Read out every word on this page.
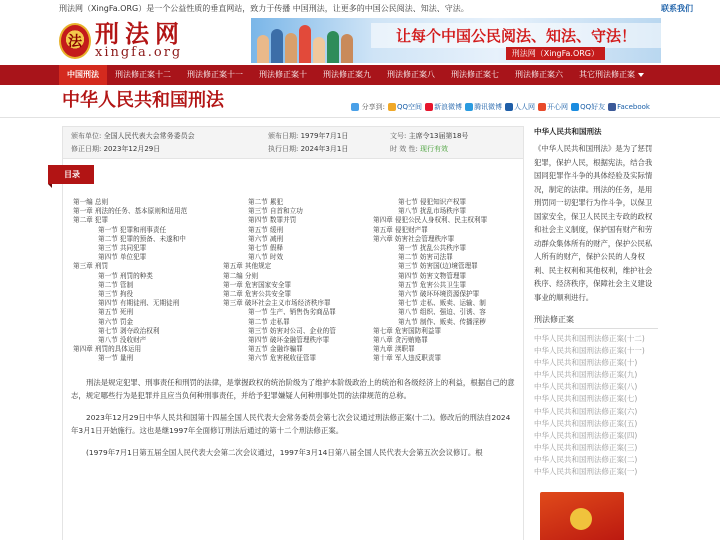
刑法网（XingFa.ORG）是一个公益性质的垂直网站，致力于传播 中国刑法，让更多的中国公民阅法、知法、守法。	联系我们
法 刑法网
xingfa.org
让每个中国公民阅法、知法、守法！
刑法网（XingFa.ORG）
中国刑法	刑法修正案十二	刑法修正案十一	刑法修正案十	刑法修正案九	刑法修正案八	刑法修正案七	刑法修正案六	其它刑法修正案
中华人民共和国刑法	分享到: QQ空间 新浪微博 腾讯微博 人人网 开心网 QQ好友 Facebook
颁布单位: 全国人民代表大会常务委员会	颁布日期: 1979年7月1日	文号: 主席令13届第18号
修正日期: 2023年12月29日	执行日期: 2024年3月1日	时 效 性: 现行有效
目录
第一编 总则
第一章 刑法的任务、基本原则和适用范
第二章 犯罪
第一节 犯罪和刑事责任
第二节 犯罪的预备、未遂和中
第三节 共同犯罪
第四节 单位犯罪
第三章 刑罚
第一节 刑罚的种类
第二节 管制
第三节 拘役
第四节 有期徒刑、无期徒刑
第五节 死刑
第六节 罚金
第七节 剥夺政治权利
第八节 没收财产
第四章 刑罚的具体运用
第一节 量刑
第二节 累犯
第三节 自首和立功
第四节 数罪并罚
第五节 缓刑
第六节 减刑
第七节 假释
第八节 时效
第五章 其他规定
第二编 分则
第一章 危害国家安全罪
第二章 危害公共安全罪
第三章 破坏社会主义市场经济秩序罪
第一节 生产、销售伪劣商品罪
第二节 走私罪
第三节 妨害对公司、企业的管
第四节 破坏金融管理秩序罪
第五节 金融诈骗罪
第六节 危害税收征管罪
第七节 侵犯知识产权罪
第八节 扰乱市场秩序罪
第四章 侵犯公民人身权利、民主权利罪
第五章 侵犯财产罪
第六章 妨害社会管理秩序罪
第一节 扰乱公共秩序罪
第二节 妨害司法罪
第三节 妨害国(边)境管理罪
第四节 妨害文物管理罪
第五节 危害公共卫生罪
第六节 破坏环境资源保护罪
第七节 走私、贩卖、运输、制
第八节 组织、强迫、引诱、容
第九节 制作、贩卖、传播淫秽
第七章 危害国防利益罪
第八章 贪污贿赂罪
第九章 渎职罪
第十章 军人违反职责罪

刑法是规定犯罪、刑事责任和刑罚的法律，是掌握政权的统治阶级为了维护本阶级政治上的统治和各级经济上的利益，根据自己的意志，规定哪些行为是犯罪并且应当负何种刑事责任，并给予犯罪嫌疑人何种刑事处罚的法律规范的总称。

2023年12月29日中华人民共和国第十四届全国人民代表大会常务委员会第七次会议通过刑法修正案(十二)。修改后的刑法自2024年3月1日开始施行。这也是继1997年全面修订刑法后通过的第十二个刑法修正案。

(1979年7月1日第五届全国人民代表大会第二次会议通过，1997年3月14日第八届全国人民代表大会第五次会议修订。根

中华人民共和国刑法
《中华人民共和国刑法》是为了惩罚犯罪，保护人民，根据宪法，结合我国同犯罪作斗争的具体经验及实际情况，制定的法律。刑法的任务，是用刑罚同一切犯罪行为作斗争，以保卫国家安全，保卫人民民主专政的政权和社会主义制度，保护国有财产和劳动群众集体所有的财产，保护公民私人所有的财产，保护公民的人身权利、民主权利和其他权利，维护社会秩序、经济秩序，保障社会主义建设事业的顺利进行。
刑法修正案
中华人民共和国刑法修正案(十二)
中华人民共和国刑法修正案(十一)
中华人民共和国刑法修正案(十)
中华人民共和国刑法修正案(九)
中华人民共和国刑法修正案(八)
中华人民共和国刑法修正案(七)
中华人民共和国刑法修正案(六)
中华人民共和国刑法修正案(五)
中华人民共和国刑法修正案(四)
中华人民共和国刑法修正案(三)
中华人民共和国刑法修正案(二)
中华人民共和国刑法修正案(一)
